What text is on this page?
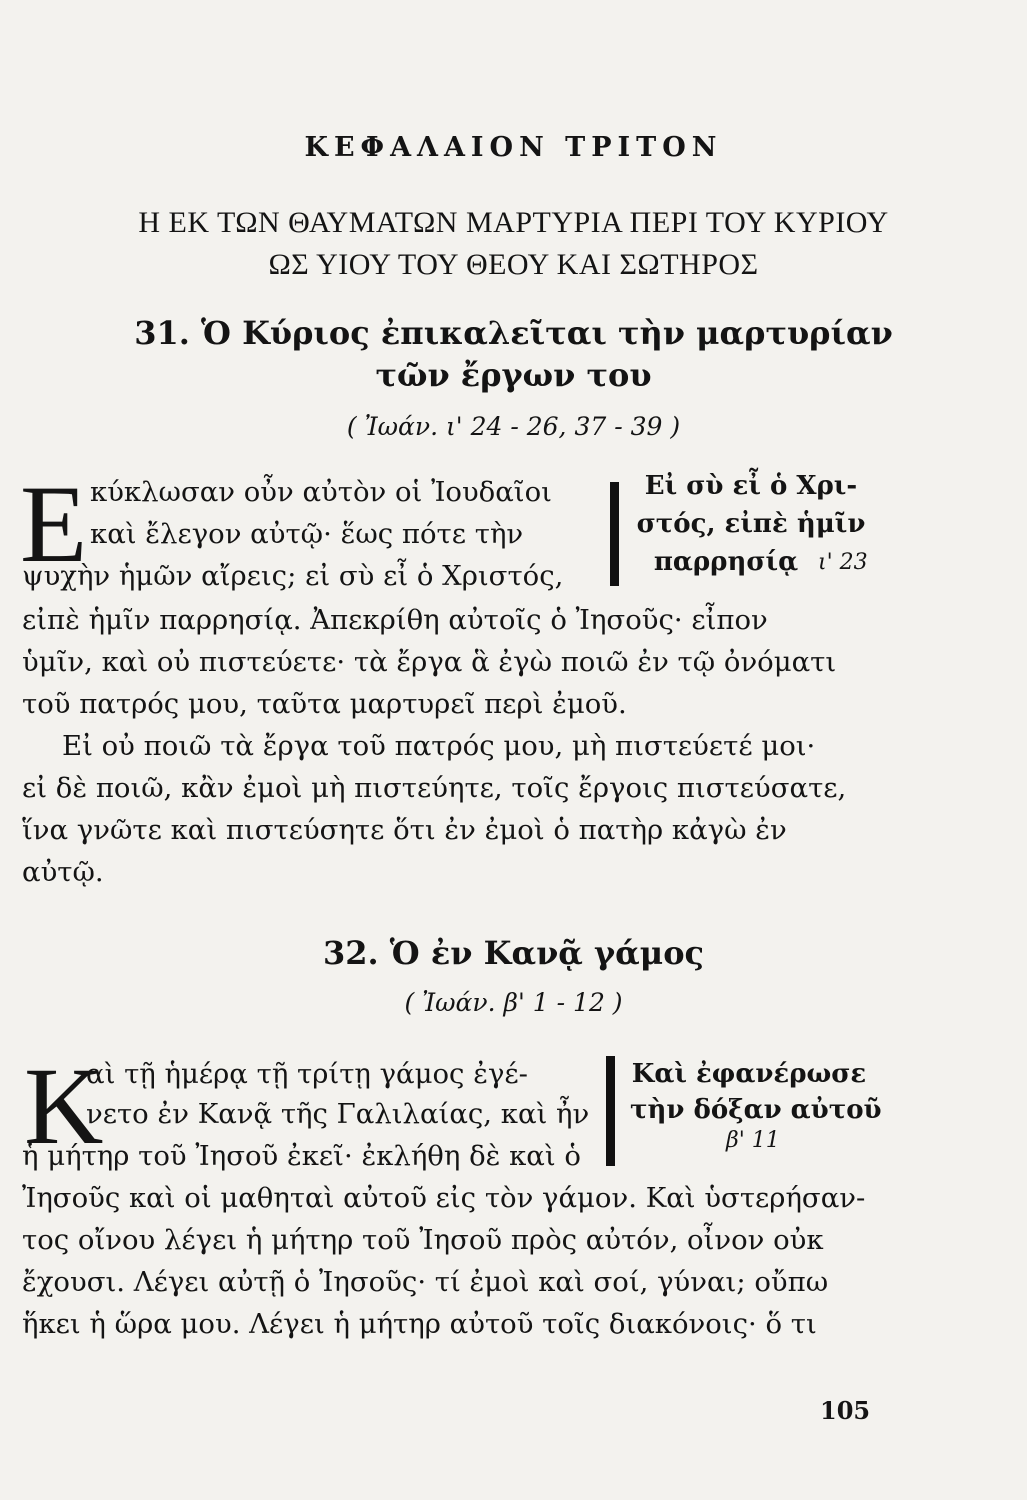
ΚΕΦΑΛΑΙΟΝ ΤΡΙΤΟΝ
Η ΕΚ ΤΩΝ ΘΑΥΜΑΤΩΝ ΜΑΡΤΥΡΙΑ ΠΕΡΙ ΤΟΥ ΚΥΡΙΟΥ
ΩΣ ΥΙΟΥ ΤΟΥ ΘΕΟΥ ΚΑΙ ΣΩΤΗΡΟΣ
31. Ὁ Κύριος ἐπικαλεῖται τὴν μαρτυρίαν
τῶν ἔργων του
( Ἰωάν. ι' 24 - 26, 37 - 39 )
Ε κύκλωσαν οὖν αὐτὸν οἱ Ἰουδαῖοι
καὶ ἔλεγον αὐτῷ· ἕως πότε τὴν
ψυχὴν ἡμῶν αἴρεις; εἰ σὺ εἶ ὁ Χριστός,
εἰπὲ ἡμῖν παρρησίᾳ. Ἀπεκρίθη αὐτοῖς ὁ Ἰησοῦς· εἶπον
ὑμῖν, καὶ οὐ πιστεύετε· τὰ ἔργα ἃ ἐγὼ ποιῶ ἐν τῷ ὀνόματι
τοῦ πατρός μου, ταῦτα μαρτυρεῖ περὶ ἐμοῦ.
Εἰ οὐ ποιῶ τὰ ἔργα τοῦ πατρός μου, μὴ πιστεύετέ μοι·
εἰ δὲ ποιῶ, κἂν ἐμοὶ μὴ πιστεύητε, τοῖς ἔργοις πιστεύσατε,
ἵνα γνῶτε καὶ πιστεύσητε ὅτι ἐν ἐμοὶ ὁ πατὴρ κἀγὼ ἐν
αὐτῷ.
Εἰ σὺ εἶ ὁ Χρι-
στός, εἰπὲ ἡμῖν
παρρησίᾳ ι' 23
32. Ὁ ἐν Κανᾷ γάμος
( Ἰωάν. β' 1 - 12 )
Κ
αὶ τῇ ἡμέρᾳ τῇ τρίτῃ γάμος ἐγέ-
νετο ἐν Κανᾷ τῆς Γαλιλαίας, καὶ ἦν
ἡ μήτηρ τοῦ Ἰησοῦ ἐκεῖ· ἐκλήθη δὲ καὶ ὁ
Ἰησοῦς καὶ οἱ μαθηταὶ αὐτοῦ εἰς τὸν γάμον. Καὶ ὑστερήσαν-
τος οἴνου λέγει ἡ μήτηρ τοῦ Ἰησοῦ πρὸς αὐτόν, οἶνον οὐκ
ἔχουσι. Λέγει αὐτῇ ὁ Ἰησοῦς· τί ἐμοὶ καὶ σοί, γύναι; οὔπω
ἥκει ἡ ὥρα μου. Λέγει ἡ μήτηρ αὐτοῦ τοῖς διακόνοις· ὅ τι
Καὶ ἐφανέρωσε
τὴν δόξαν αὐτοῦ
β' 11
105
